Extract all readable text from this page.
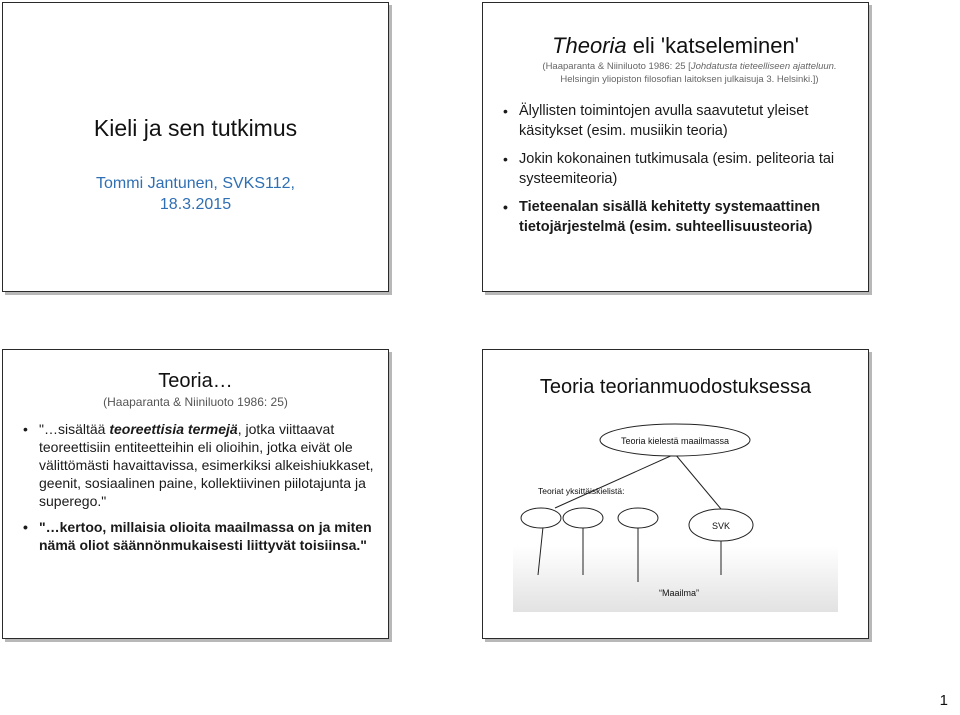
Kieli ja sen tutkimus
Tommi Jantunen, SVKS112,
18.3.2015
Theoria eli 'katseleminen'
(Haaparanta & Niiniluoto 1986: 25 [Johdatusta tieteelliseen ajatteluun.
Helsingin yliopiston filosofian laitoksen julkaisuja 3. Helsinki.])
• Älyllisten toimintojen avulla saavutetut yleiset käsitykset (esim. musiikin teoria)
• Jokin kokonainen tutkimusala (esim. peliteoria tai systeemiteoria)
• Tieteenalan sisällä kehitetty systemaattinen tietojärjestelmä (esim. suhteellisuusteoria)
Teoria…
(Haaparanta & Niiniluoto 1986: 25)
• "…sisältää teoreettisia termejä, jotka viittaavat teoreettisiin entiteetteihin eli olioihin, jotka eivät ole välittömästi havaittavissa, esimerkiksi alkeishiukkaset, geenit, sosiaalinen paine, kollektiivinen piilotajunta ja superego."
• "…kertoo, millaisia olioita maailmassa on ja miten nämä oliot säännönmukaisesti liittyvät toisiinsa."
Teoria teorianmuodostuksessa
Teoria kielestä maailmassa
Teoriat yksittäiskielistä:
SVK
“Maailma”
1
